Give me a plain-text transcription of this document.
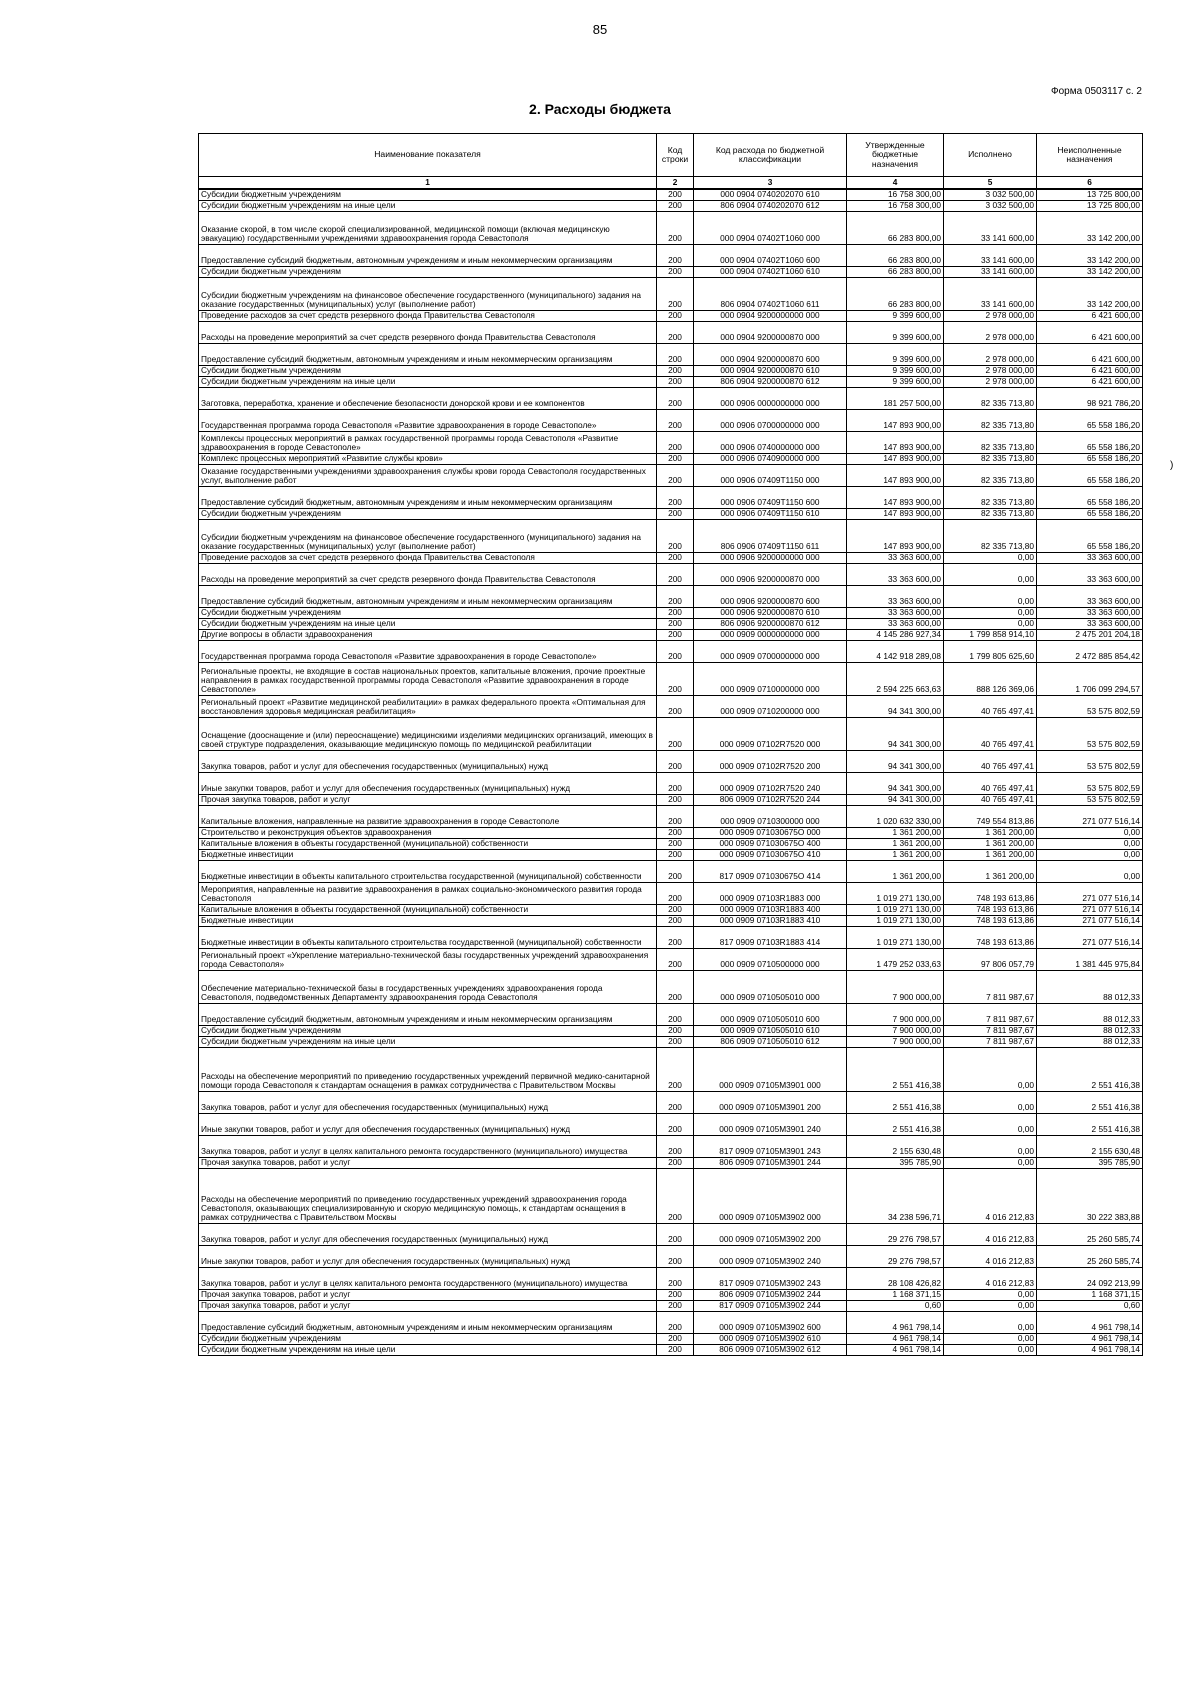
85
Форма 0503117 с. 2
2. Расходы бюджета
)
Наименование показателя	Код строки	Код расхода по бюджетной классификации	Утвержденные бюджетные назначения	Исполнено	Неисполненные назначения
1	2	3	4	5	6
Субсидии бюджетным учреждениям	200	000 0904 0740202070 610	16 758 300,00	3 032 500,00	13 725 800,00
Субсидии бюджетным учреждениям на иные цели	200	806 0904 0740202070 612	16 758 300,00	3 032 500,00	13 725 800,00
Оказание скорой, в том числе скорой специализированной, медицинской помощи (включая медицинскую эвакуацию) государственными учреждениями здравоохранения города Севастополя	200	000 0904 07402Т1060 000	66 283 800,00	33 141 600,00	33 142 200,00
Предоставление субсидий бюджетным, автономным учреждениям и иным некоммерческим организациям	200	000 0904 07402Т1060 600	66 283 800,00	33 141 600,00	33 142 200,00
Субсидии бюджетным учреждениям	200	000 0904 07402Т1060 610	66 283 800,00	33 141 600,00	33 142 200,00
Субсидии бюджетным учреждениям на финансовое обеспечение государственного (муниципального) задания на оказание государственных (муниципальных) услуг (выполнение работ)	200	806 0904 07402Т1060 611	66 283 800,00	33 141 600,00	33 142 200,00
Проведение расходов за счет средств резервного фонда Правительства Севастополя	200	000 0904 9200000000 000	9 399 600,00	2 978 000,00	6 421 600,00
Расходы на проведение мероприятий за счет средств резервного фонда Правительства Севастополя	200	000 0904 9200000870 000	9 399 600,00	2 978 000,00	6 421 600,00
Предоставление субсидий бюджетным, автономным учреждениям и иным некоммерческим организациям	200	000 0904 9200000870 600	9 399 600,00	2 978 000,00	6 421 600,00
Субсидии бюджетным учреждениям	200	000 0904 9200000870 610	9 399 600,00	2 978 000,00	6 421 600,00
Субсидии бюджетным учреждениям на иные цели	200	806 0904 9200000870 612	9 399 600,00	2 978 000,00	6 421 600,00
Заготовка, переработка, хранение и обеспечение безопасности донорской крови и ее компонентов	200	000 0906 0000000000 000	181 257 500,00	82 335 713,80	98 921 786,20
Государственная программа города Севастополя «Развитие здравоохранения в городе Севастополе»	200	000 0906 0700000000 000	147 893 900,00	82 335 713,80	65 558 186,20
Комплексы процессных мероприятий в рамках государственной программы города Севастополя «Развитие здравоохранения в городе Севастополе»	200	000 0906 0740000000 000	147 893 900,00	82 335 713,80	65 558 186,20
Комплекс процессных мероприятий «Развитие службы крови»	200	000 0906 0740900000 000	147 893 900,00	82 335 713,80	65 558 186,20
Оказание государственными учреждениями здравоохранения службы крови города Севастополя государственных услуг, выполнение работ	200	000 0906 07409Т1150 000	147 893 900,00	82 335 713,80	65 558 186,20
Предоставление субсидий бюджетным, автономным учреждениям и иным некоммерческим организациям	200	000 0906 07409Т1150 600	147 893 900,00	82 335 713,80	65 558 186,20
Субсидии бюджетным учреждениям	200	000 0906 07409Т1150 610	147 893 900,00	82 335 713,80	65 558 186,20
Субсидии бюджетным учреждениям на финансовое обеспечение государственного (муниципального) задания на оказание государственных (муниципальных) услуг (выполнение работ)	200	806 0906 07409Т1150 611	147 893 900,00	82 335 713,80	65 558 186,20
Проведение расходов за счет средств резервного фонда Правительства Севастополя	200	000 0906 9200000000 000	33 363 600,00	0,00	33 363 600,00
Расходы на проведение мероприятий за счет средств резервного фонда Правительства Севастополя	200	000 0906 9200000870 000	33 363 600,00	0,00	33 363 600,00
Предоставление субсидий бюджетным, автономным учреждениям и иным некоммерческим организациям	200	000 0906 9200000870 600	33 363 600,00	0,00	33 363 600,00
Субсидии бюджетным учреждениям	200	000 0906 9200000870 610	33 363 600,00	0,00	33 363 600,00
Субсидии бюджетным учреждениям на иные цели	200	806 0906 9200000870 612	33 363 600,00	0,00	33 363 600,00
Другие вопросы в области здравоохранения	200	000 0909 0000000000 000	4 145 286 927,34	1 799 858 914,10	2 475 201 204,18
Государственная программа города Севастополя «Развитие здравоохранения в городе Севастополе»	200	000 0909 0700000000 000	4 142 918 289,08	1 799 805 625,60	2 472 885 854,42
Региональные проекты, не входящие в состав национальных проектов, капитальные вложения, прочие проектные направления в рамках государственной программы города Севастополя «Развитие здравоохранения в городе Севастополе»	200	000 0909 0710000000 000	2 594 225 663,63	888 126 369,06	1 706 099 294,57
Региональный проект «Развитие медицинской реабилитации» в рамках федерального проекта «Оптимальная для восстановления здоровья медицинская реабилитация»	200	000 0909 0710200000 000	94 341 300,00	40 765 497,41	53 575 802,59
Оснащение (дооснащение и (или) переоснащение) медицинскими изделиями медицинских организаций, имеющих в своей структуре подразделения, оказывающие медицинскую помощь по медицинской реабилитации	200	000 0909 07102R7520 000	94 341 300,00	40 765 497,41	53 575 802,59
Закупка товаров, работ и услуг для обеспечения государственных (муниципальных) нужд	200	000 0909 07102R7520 200	94 341 300,00	40 765 497,41	53 575 802,59
Иные закупки товаров, работ и услуг для обеспечения государственных (муниципальных) нужд	200	000 0909 07102R7520 240	94 341 300,00	40 765 497,41	53 575 802,59
Прочая закупка товаров, работ и услуг	200	806 0909 07102R7520 244	94 341 300,00	40 765 497,41	53 575 802,59
Капитальные вложения, направленные на развитие здравоохранения в городе Севастополе	200	000 0909 0710300000 000	1 020 632 330,00	749 554 813,86	271 077 516,14
Строительство и реконструкция объектов здравоохранения	200	000 0909 071030675О 000	1 361 200,00	1 361 200,00	0,00
Капитальные вложения в объекты государственной (муниципальной) собственности	200	000 0909 071030675О 400	1 361 200,00	1 361 200,00	0,00
Бюджетные инвестиции	200	000 0909 071030675О 410	1 361 200,00	1 361 200,00	0,00
Бюджетные инвестиции в объекты капитального строительства государственной (муниципальной) собственности	200	817 0909 071030675О 414	1 361 200,00	1 361 200,00	0,00
Мероприятия, направленные на развитие здравоохранения в рамках социально-экономического развития города Севастополя	200	000 0909 07103R1883 000	1 019 271 130,00	748 193 613,86	271 077 516,14
Капитальные вложения в объекты государственной (муниципальной) собственности	200	000 0909 07103R1883 400	1 019 271 130,00	748 193 613,86	271 077 516,14
Бюджетные инвестиции	200	000 0909 07103R1883 410	1 019 271 130,00	748 193 613,86	271 077 516,14
Бюджетные инвестиции в объекты капитального строительства государственной (муниципальной) собственности	200	817 0909 07103R1883 414	1 019 271 130,00	748 193 613,86	271 077 516,14
Региональный проект «Укрепление материально-технической базы государственных учреждений здравоохранения города Севастополя»	200	000 0909 0710500000 000	1 479 252 033,63	97 806 057,79	1 381 445 975,84
Обеспечение материально-технической базы в государственных учреждениях здравоохранения города Севастополя, подведомственных Департаменту здравоохранения города Севастополя	200	000 0909 0710505010 000	7 900 000,00	7 811 987,67	88 012,33
Предоставление субсидий бюджетным, автономным учреждениям и иным некоммерческим организациям	200	000 0909 0710505010 600	7 900 000,00	7 811 987,67	88 012,33
Субсидии бюджетным учреждениям	200	000 0909 0710505010 610	7 900 000,00	7 811 987,67	88 012,33
Субсидии бюджетным учреждениям на иные цели	200	806 0909 0710505010 612	7 900 000,00	7 811 987,67	88 012,33
Расходы на обеспечение мероприятий по приведению государственных учреждений первичной медико-санитарной помощи города Севастополя к стандартам оснащения в рамках сотрудничества с Правительством Москвы	200	000 0909 07105М3901 000	2 551 416,38	0,00	2 551 416,38
Закупка товаров, работ и услуг для обеспечения государственных (муниципальных) нужд	200	000 0909 07105М3901 200	2 551 416,38	0,00	2 551 416,38
Иные закупки товаров, работ и услуг для обеспечения государственных (муниципальных) нужд	200	000 0909 07105М3901 240	2 551 416,38	0,00	2 551 416,38
Закупка товаров, работ и услуг в целях капитального ремонта государственного (муниципального) имущества	200	817 0909 07105М3901 243	2 155 630,48	0,00	2 155 630,48
Прочая закупка товаров, работ и услуг	200	806 0909 07105М3901 244	395 785,90	0,00	395 785,90
Расходы на обеспечение мероприятий по приведению государственных учреждений здравоохранения города Севастополя, оказывающих специализированную и скорую медицинскую помощь, к стандартам оснащения в рамках сотрудничества с Правительством Москвы	200	000 0909 07105М3902 000	34 238 596,71	4 016 212,83	30 222 383,88
Закупка товаров, работ и услуг для обеспечения государственных (муниципальных) нужд	200	000 0909 07105М3902 200	29 276 798,57	4 016 212,83	25 260 585,74
Иные закупки товаров, работ и услуг для обеспечения государственных (муниципальных) нужд	200	000 0909 07105М3902 240	29 276 798,57	4 016 212,83	25 260 585,74
Закупка товаров, работ и услуг в целях капитального ремонта государственного (муниципального) имущества	200	817 0909 07105М3902 243	28 108 426,82	4 016 212,83	24 092 213,99
Прочая закупка товаров, работ и услуг	200	806 0909 07105М3902 244	1 168 371,15	0,00	1 168 371,15
Прочая закупка товаров, работ и услуг	200	817 0909 07105М3902 244	0,60	0,00	0,60
Предоставление субсидий бюджетным, автономным учреждениям и иным некоммерческим организациям	200	000 0909 07105М3902 600	4 961 798,14	0,00	4 961 798,14
Субсидии бюджетным учреждениям	200	000 0909 07105М3902 610	4 961 798,14	0,00	4 961 798,14
Субсидии бюджетным учреждениям на иные цели	200	806 0909 07105М3902 612	4 961 798,14	0,00	4 961 798,14
